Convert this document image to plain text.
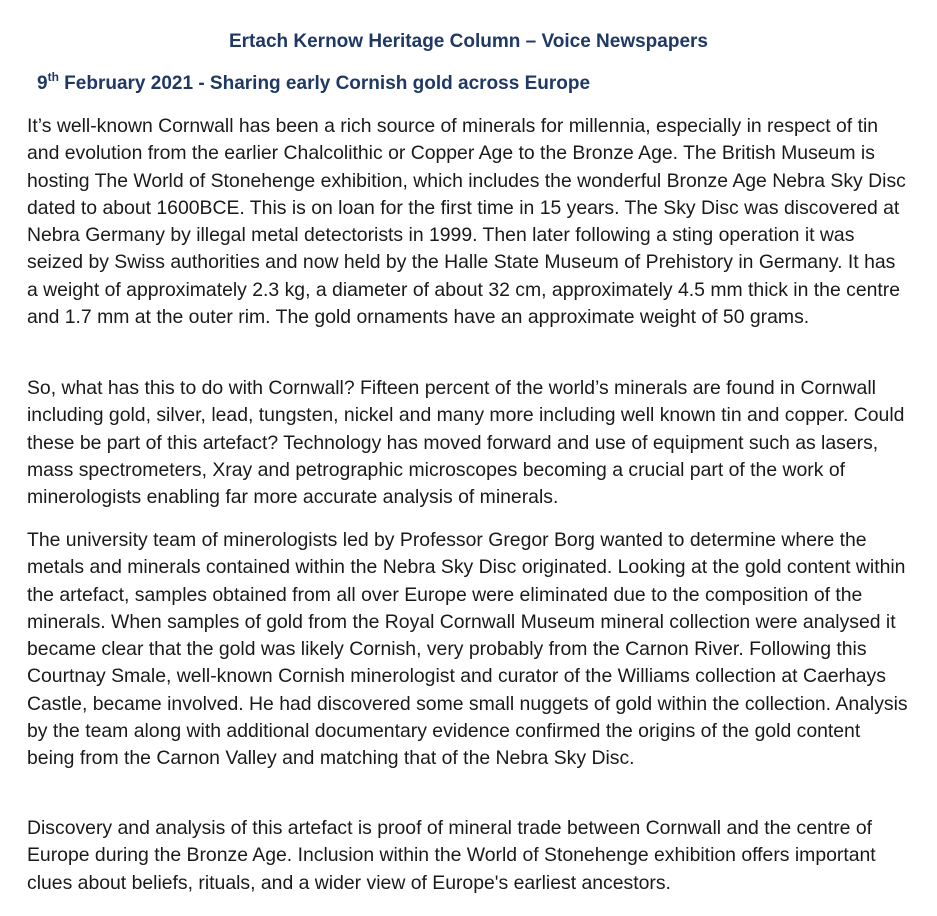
Ertach Kernow Heritage Column – Voice Newspapers
9th February 2021 - Sharing early Cornish gold across Europe

It’s well-known Cornwall has been a rich source of minerals for millennia, especially in respect of tin and evolution from the earlier Chalcolithic or Copper Age to the Bronze Age. The British Museum is hosting The World of Stonehenge exhibition, which includes the wonderful Bronze Age Nebra Sky Disc dated to about 1600BCE. This is on loan for the first time in 15 years. The Sky Disc was discovered at Nebra Germany by illegal metal detectorists in 1999. Then later following a sting operation it was seized by Swiss authorities and now held by the Halle State Museum of Prehistory in Germany. It has a weight of approximately 2.3 kg, a diameter of about 32 cm, approximately 4.5 mm thick in the centre and 1.7 mm at the outer rim. The gold ornaments have an approximate weight of 50 grams.

So, what has this to do with Cornwall? Fifteen percent of the world’s minerals are found in Cornwall including gold, silver, lead, tungsten, nickel and many more including well known tin and copper. Could these be part of this artefact? Technology has moved forward and use of equipment such as lasers, mass spectrometers, Xray and petrographic microscopes becoming a crucial part of the work of minerologists enabling far more accurate analysis of minerals.

The university team of minerologists led by Professor Gregor Borg wanted to determine where the metals and minerals contained within the Nebra Sky Disc originated. Looking at the gold content within the artefact, samples obtained from all over Europe were eliminated due to the composition of the minerals. When samples of gold from the Royal Cornwall Museum mineral collection were analysed it became clear that the gold was likely Cornish, very probably from the Carnon River. Following this Courtnay Smale, well-known Cornish minerologist and curator of the Williams collection at Caerhays Castle, became involved. He had discovered some small nuggets of gold within the collection. Analysis by the team along with additional documentary evidence confirmed the origins of the gold content being from the Carnon Valley and matching that of the Nebra Sky Disc.

Discovery and analysis of this artefact is proof of mineral trade between Cornwall and the centre of Europe during the Bronze Age. Inclusion within the World of Stonehenge exhibition offers important clues about beliefs, rituals, and a wider view of Europe's earliest ancestors.
